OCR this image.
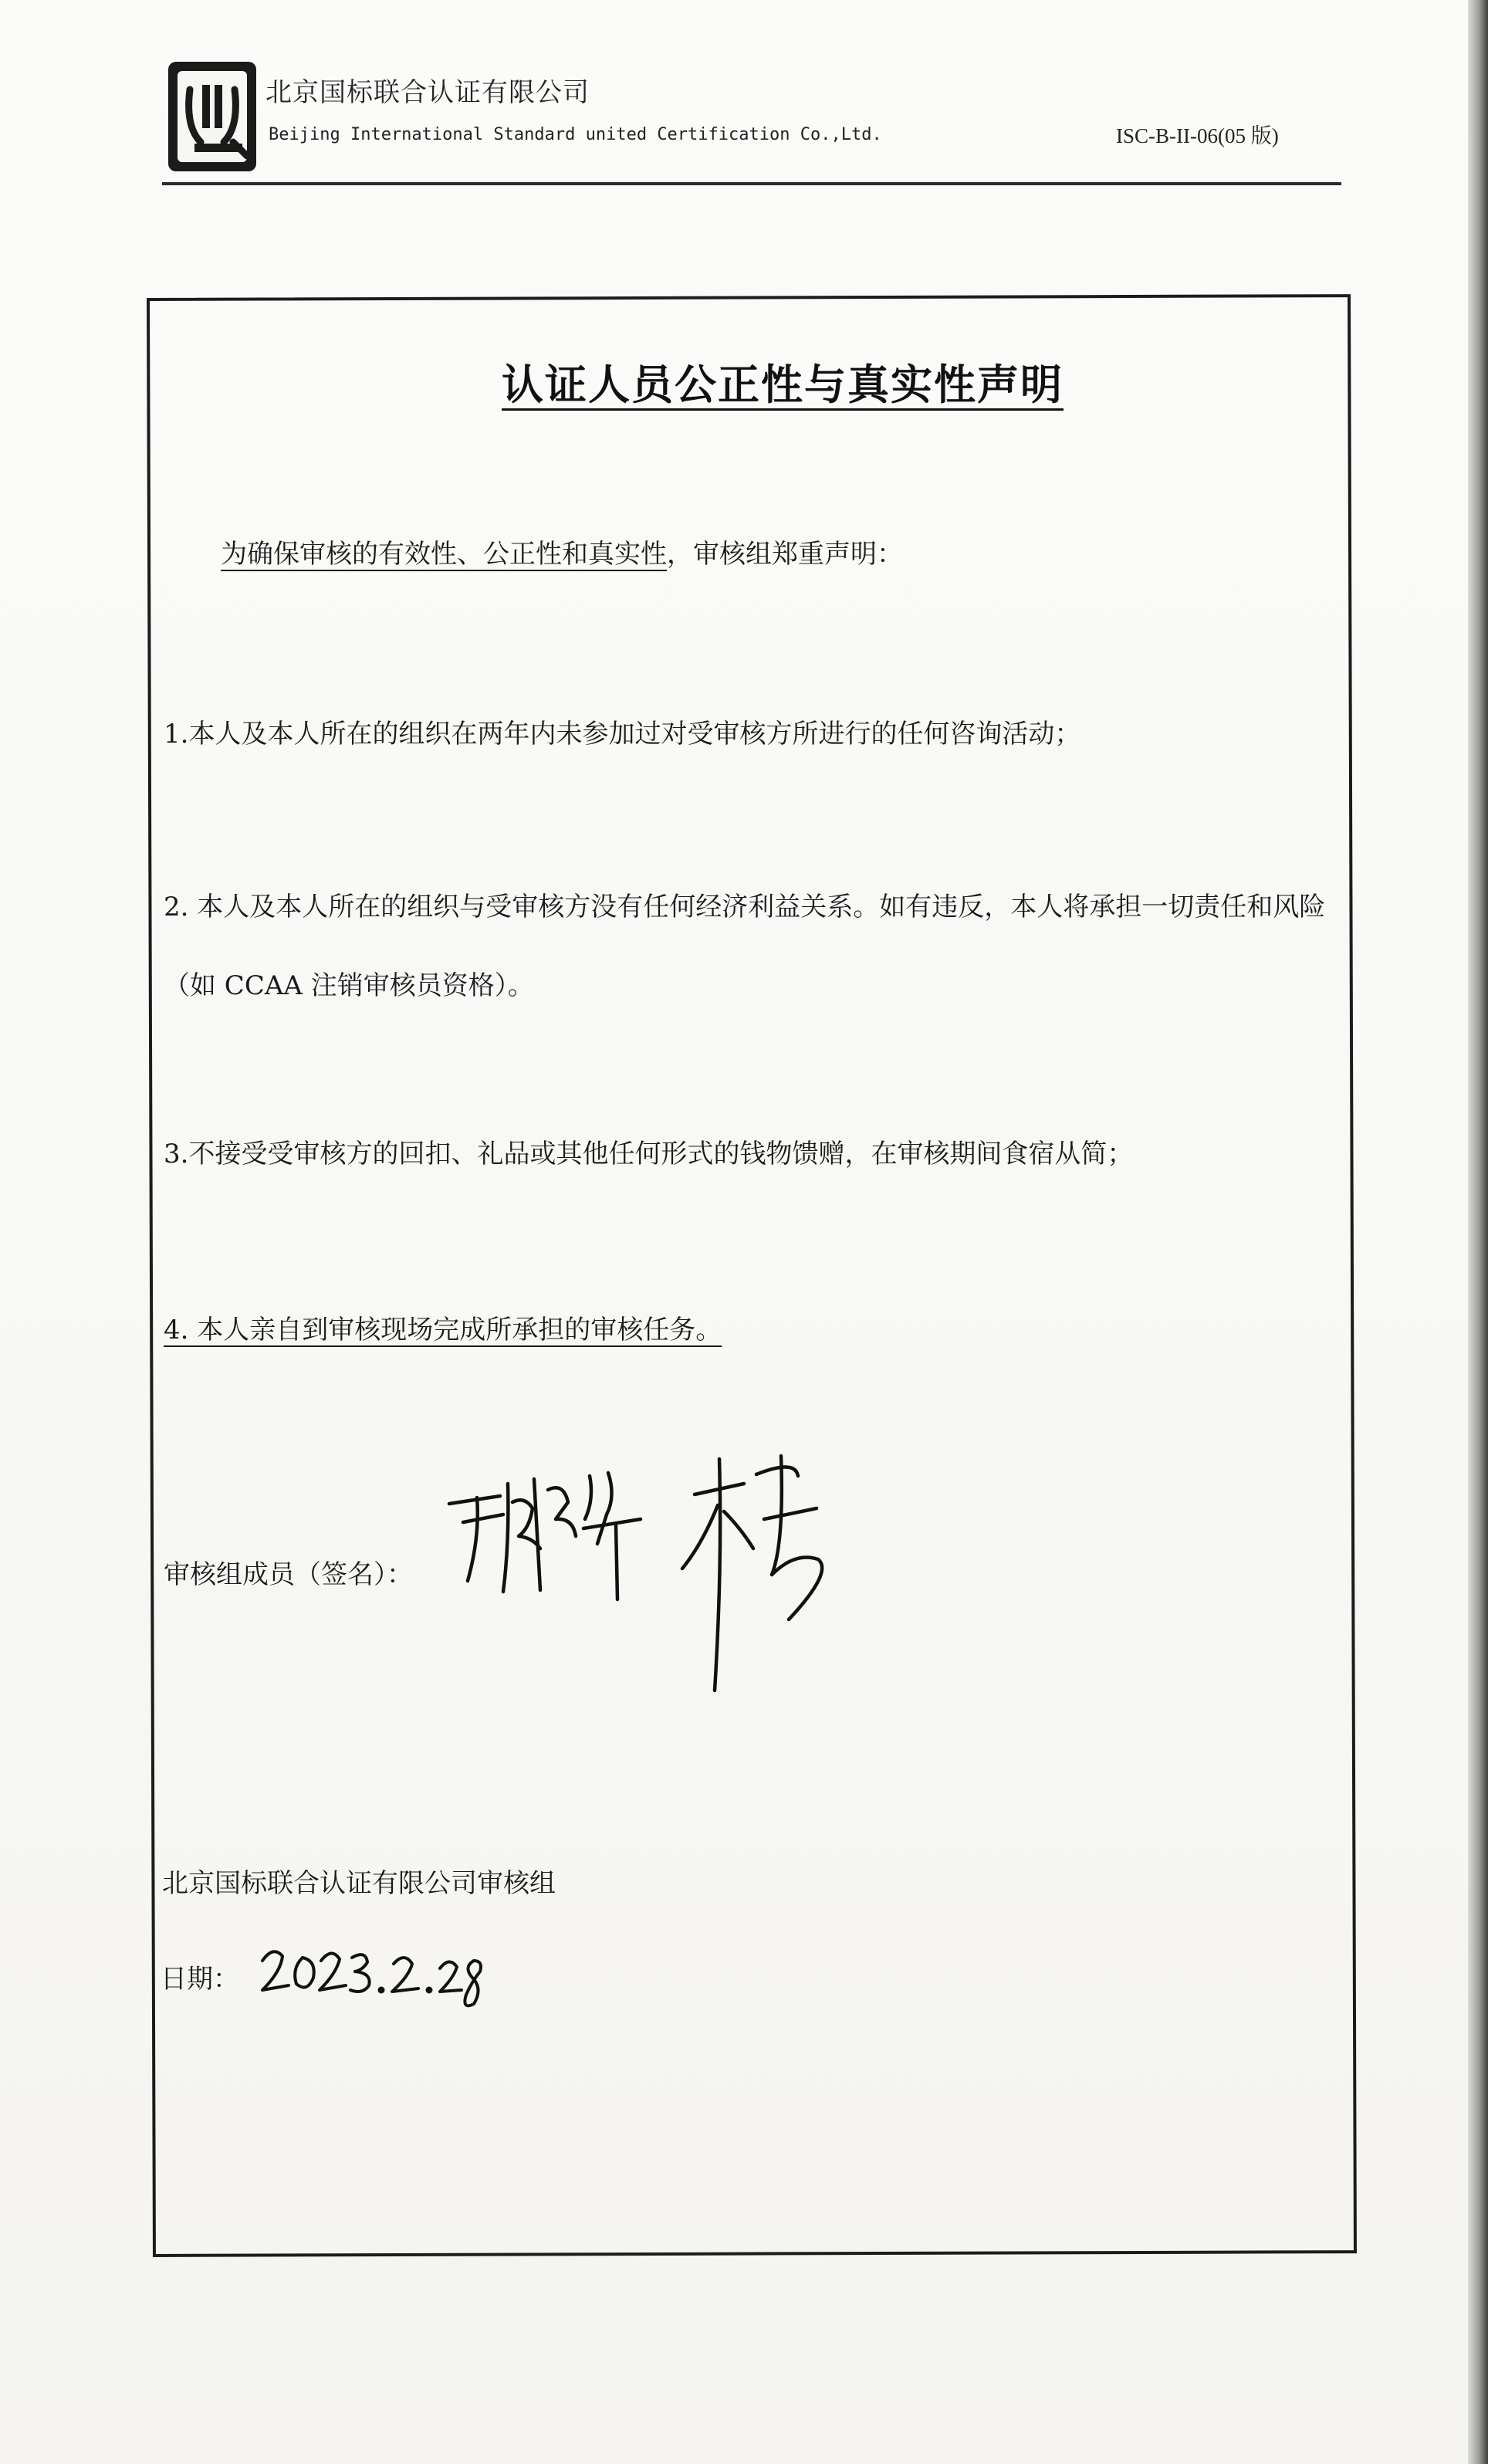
北京国标联合认证有限公司
Beijing International Standard united Certification Co.,Ltd.	ISC-B-II-06(05 版)
认证人员公正性与真实性声明
为确保审核的有效性、公正性和真实性，审核组郑重声明：
1.本人及本人所在的组织在两年内未参加过对受审核方所进行的任何咨询活动；
2. 本人及本人所在的组织与受审核方没有任何经济利益关系。如有违反，本人将承担一切责任和风险（如 CCAA 注销审核员资格）。
3.不接受受审核方的回扣、礼品或其他任何形式的钱物馈赠，在审核期间食宿从简；
4. 本人亲自到审核现场完成所承担的审核任务。
审核组成员（签名）：
北京国标联合认证有限公司审核组
日期：
